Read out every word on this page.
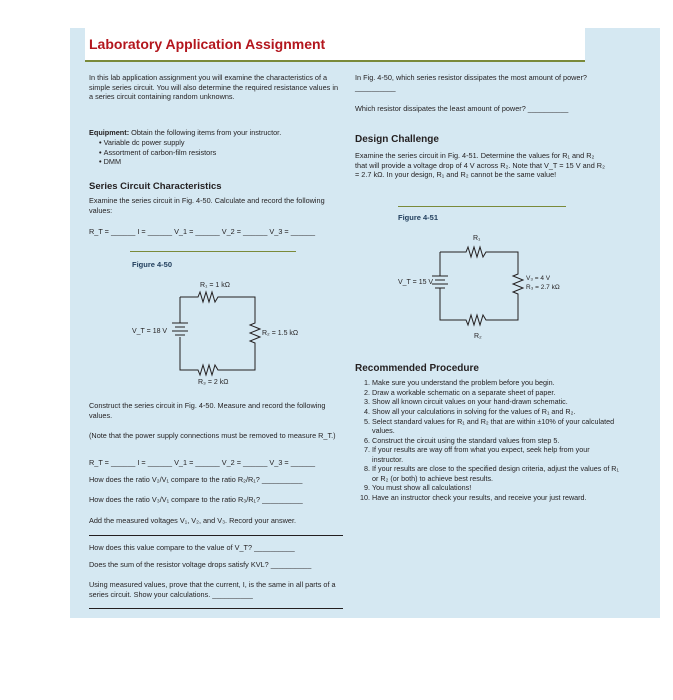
Laboratory Application Assignment
In this lab application assignment you will examine the characteristics of a simple series circuit. You will also determine the required resistance values in a series circuit containing random unknowns.
Equipment: Obtain the following items from your instructor.
• Variable dc power supply
• Assortment of carbon-film resistors
• DMM
Series Circuit Characteristics
Examine the series circuit in Fig. 4-50. Calculate and record the following values:
R_T = ______ I = ______ V_1 = ______ V_2 = ______ V_3 = ______
Figure 4-50
R₁ = 1 kΩ
R₂ = 1.5 kΩ
R₃ = 2 kΩ
V_T = 18 V
Construct the series circuit in Fig. 4-50. Measure and record the following values.
(Note that the power supply connections must be removed to measure R_T.)
R_T = ______ I = ______ V_1 = ______ V_2 = ______ V_3 = ______
How does the ratio V₂/V₁ compare to the ratio R₂/R₁? __________
How does the ratio V₃/V₁ compare to the ratio R₃/R₁? __________
Add the measured voltages V₁, V₂, and V₃. Record your answer.
How does this value compare to the value of V_T? __________
Does the sum of the resistor voltage drops satisfy KVL? __________
Using measured values, prove that the current, I, is the same in all parts of a series circuit. Show your calculations. __________
In Fig. 4-50, which series resistor dissipates the most amount of power? __________
Which resistor dissipates the least amount of power? __________
Design Challenge
Examine the series circuit in Fig. 4-51. Determine the values for R₁ and R₂ that will provide a voltage drop of 4 V across R₂. Note that V_T = 15 V and R₂ = 2.7 kΩ. In your design, R₁ and R₂ cannot be the same value!
Figure 4-51
R₁
R₂
V_T = 15 V
V₃ = 4 V
R₃ = 2.7 kΩ
Recommended Procedure
1. Make sure you understand the problem before you begin.
2. Draw a workable schematic on a separate sheet of paper.
3. Show all known circuit values on your hand-drawn schematic.
4. Show all your calculations in solving for the values of R₁ and R₂.
5. Select standard values for R₁ and R₂ that are within ±10% of your calculated values.
6. Construct the circuit using the standard values from step 5.
7. If your results are way off from what you expect, seek help from your instructor.
8. If your results are close to the specified design criteria, adjust the values of R₁ or R₂ (or both) to achieve best results.
9. You must show all calculations!
10. Have an instructor check your results, and receive your just reward.
